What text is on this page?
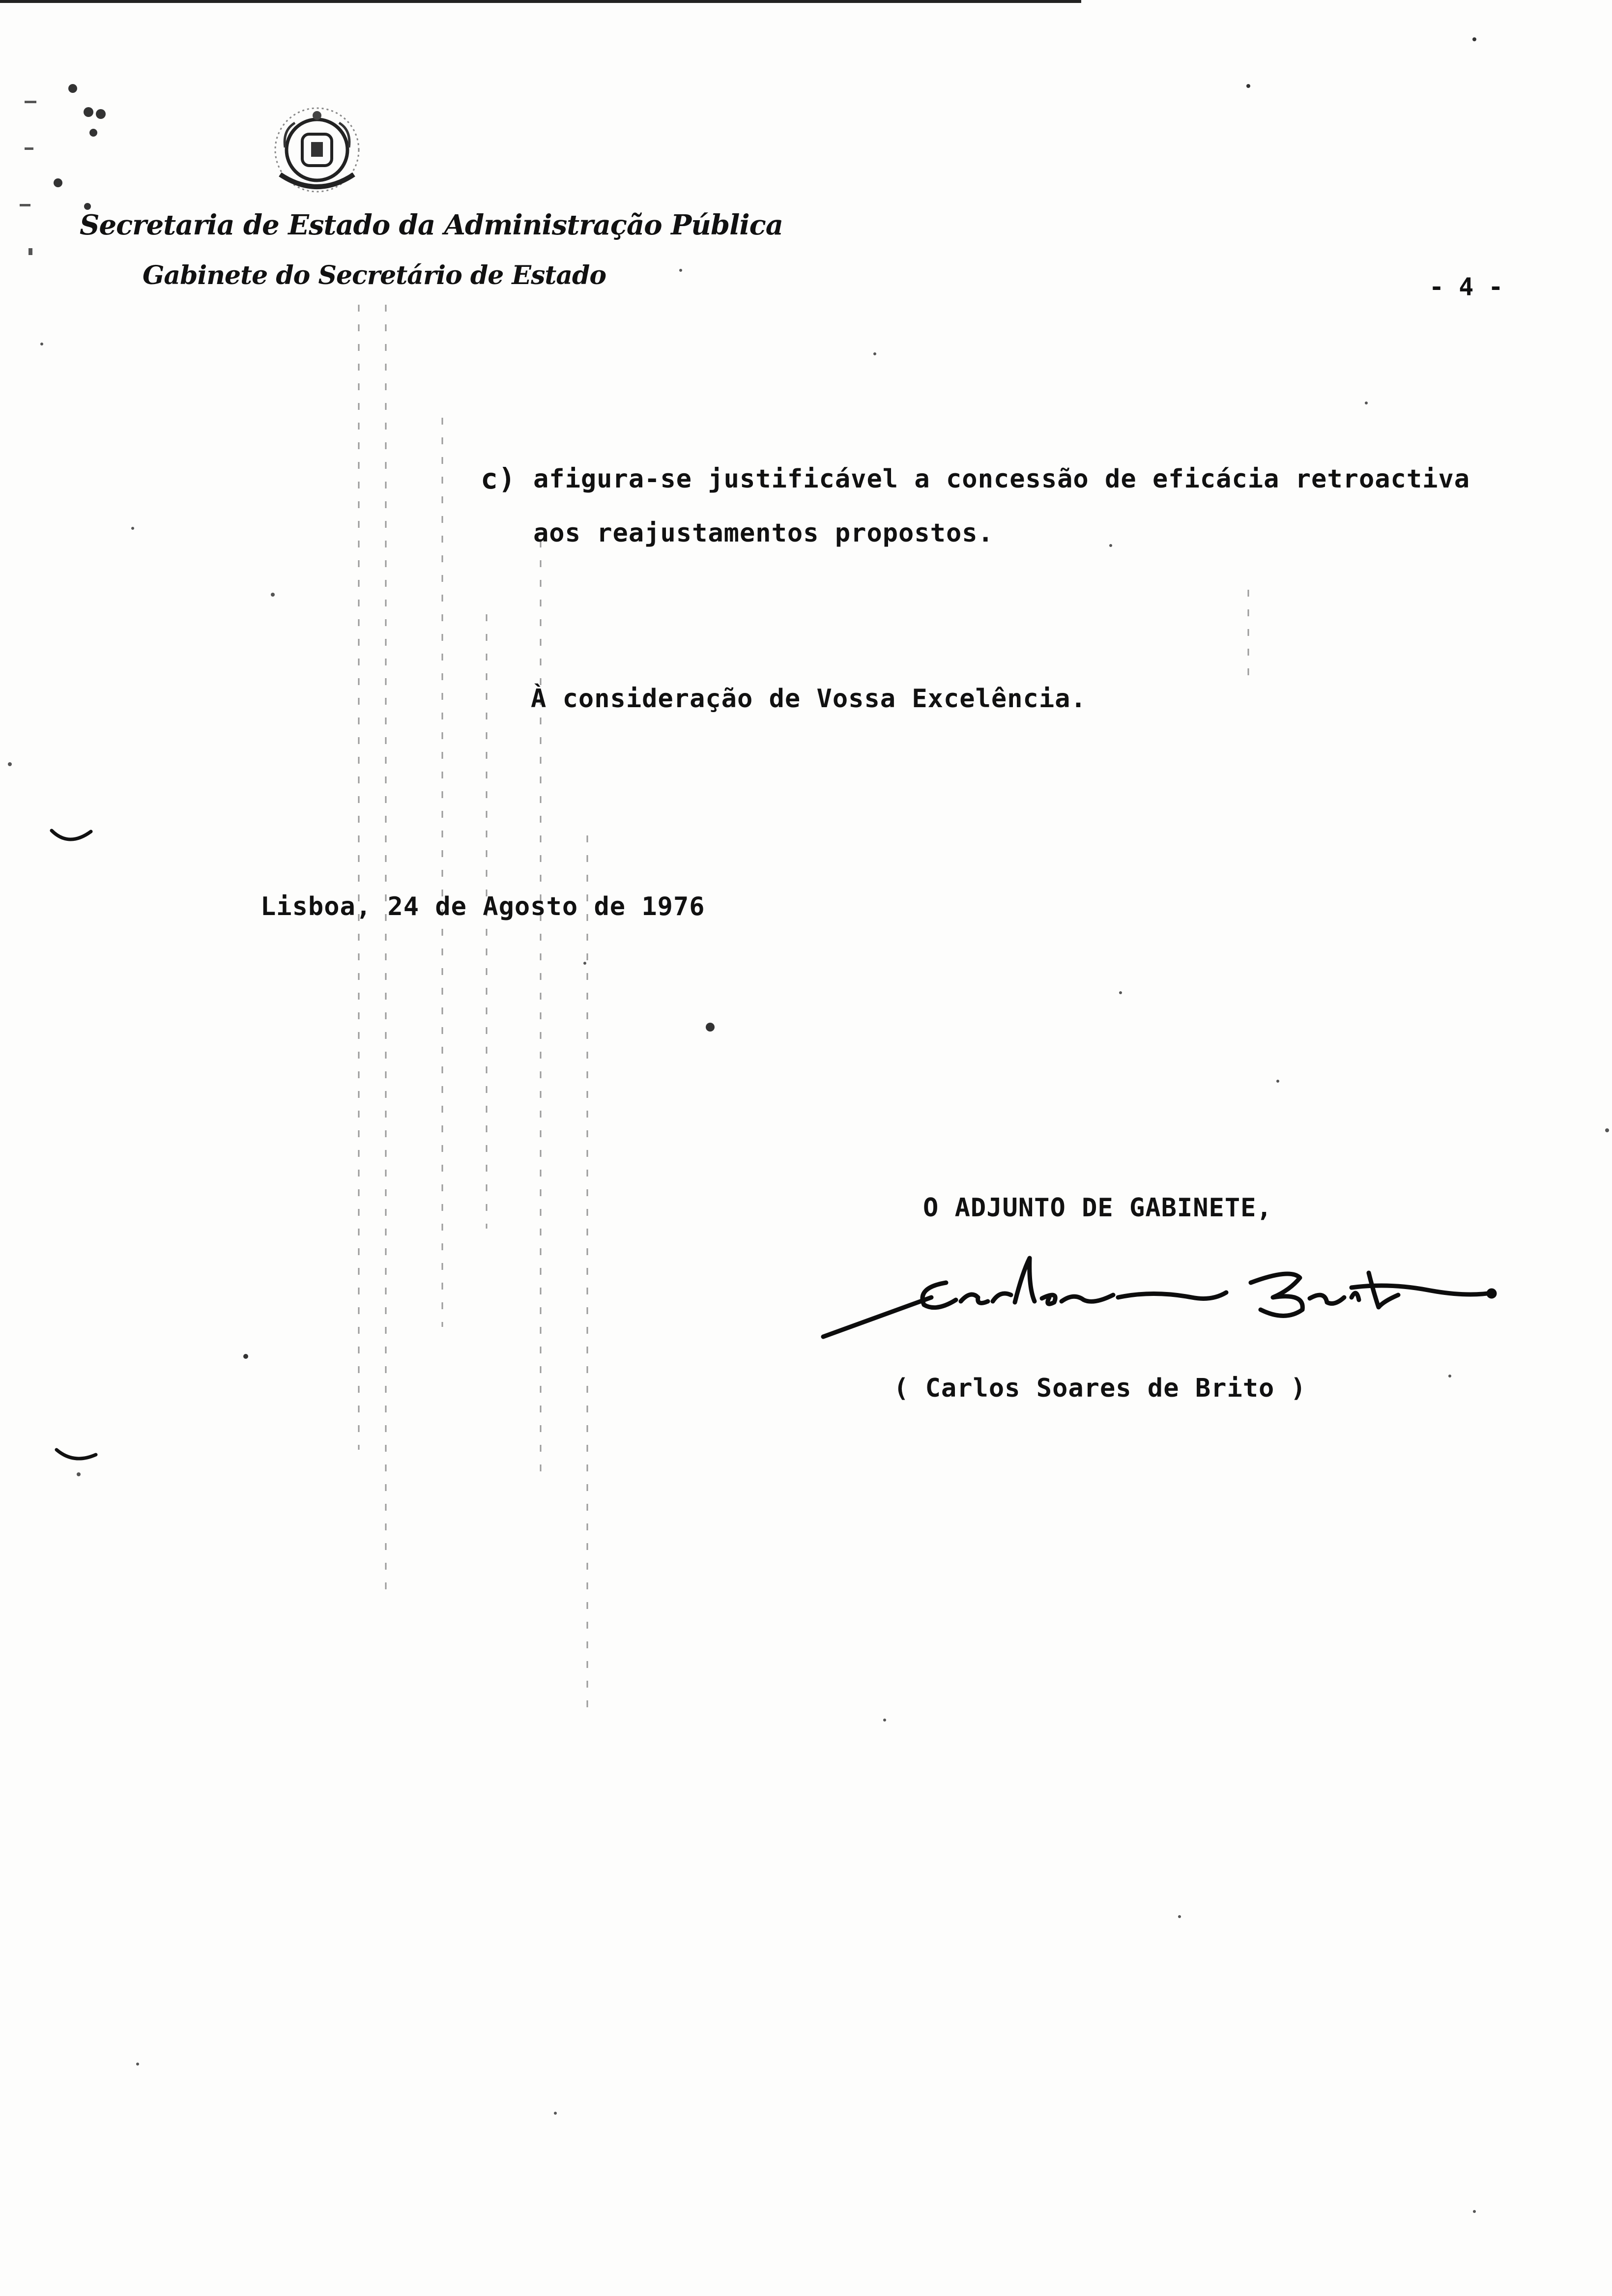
Secretaria de Estado da Administração Pública
Gabinete do Secretário de Estado	- 4 -
c) afigura-se justificável a concessão de eficácia retroactiva
aos reajustamentos propostos.
À consideração de Vossa Excelência.
Lisboa, 24 de Agosto de 1976
O ADJUNTO DE GABINETE,
( Carlos Soares de Brito )
